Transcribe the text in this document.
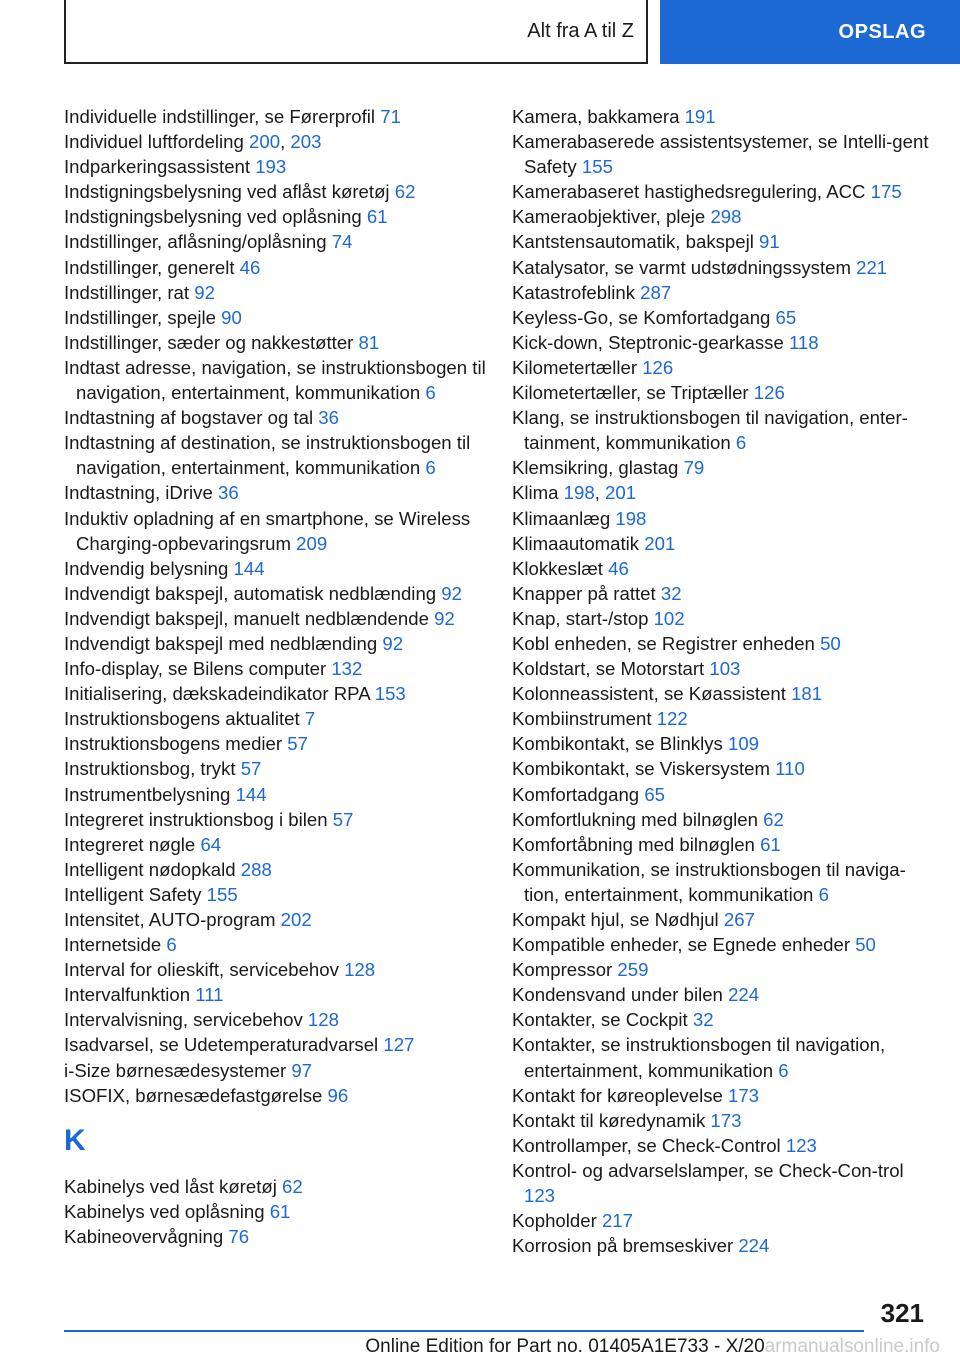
Alt fra A til Z	OPSLAG
Individuelle indstillinger, se Førerprofil 71
Individuel luftfordeling 200, 203
Indparkeringsassistent 193
Indstigningsbelysning ved aflåst køretøj 62
Indstigningsbelysning ved oplåsning 61
Indstillinger, aflåsning/oplåsning 74
Indstillinger, generelt 46
Indstillinger, rat 92
Indstillinger, spejle 90
Indstillinger, sæder og nakkestøtter 81
Indtast adresse, navigation, se instruktionsbogen til navigation, entertainment, kommunikation 6
Indtastning af bogstaver og tal 36
Indtastning af destination, se instruktionsbogen til navigation, entertainment, kommunikation 6
Indtastning, iDrive 36
Induktiv opladning af en smartphone, se Wireless Charging-opbevaringsrum 209
Indvendig belysning 144
Indvendigt bakspejl, automatisk nedblænding 92
Indvendigt bakspejl, manuelt nedblændende 92
Indvendigt bakspejl med nedblænding 92
Info-display, se Bilens computer 132
Initialisering, dækskadeindikator RPA 153
Instruktionsbogens aktualitet 7
Instruktionsbogens medier 57
Instruktionsbog, trykt 57
Instrumentbelysning 144
Integreret instruktionsbog i bilen 57
Integreret nøgle 64
Intelligent nødopkald 288
Intelligent Safety 155
Intensitet, AUTO-program 202
Internetside 6
Interval for olieskift, servicebehov 128
Intervalfunktion 111
Intervalvisning, servicebehov 128
Isadvarsel, se Udetemperaturadvarsel 127
i-Size børnesædesystemer 97
ISOFIX, børnesædefastgørelse 96
K
Kabinelys ved låst køretøj 62
Kabinelys ved oplåsning 61
Kabineovervågning 76
Kamera, bakkamera 191
Kamerabaserede assistentsystemer, se Intelli-gent Safety 155
Kamerabaseret hastighedsregulering, ACC 175
Kameraobjektiver, pleje 298
Kantstensautomatik, bakspejl 91
Katalysator, se varmt udstødningssystem 221
Katastrofeblink 287
Keyless-Go, se Komfortadgang 65
Kick-down, Steptronic-gearkasse 118
Kilometertæller 126
Kilometertæller, se Triptæller 126
Klang, se instruktionsbogen til navigation, enter-tainment, kommunikation 6
Klemsikring, glastag 79
Klima 198, 201
Klimaanlæg 198
Klimaautomatik 201
Klokkeslæt 46
Knapper på rattet 32
Knap, start-/stop 102
Kobl enheden, se Registrer enheden 50
Koldstart, se Motorstart 103
Kolonneassistent, se Køassistent 181
Kombiinstrument 122
Kombikontakt, se Blinklys 109
Kombikontakt, se Viskersystem 110
Komfortadgang 65
Komfortlukning med bilnøglen 62
Komfortåbning med bilnøglen 61
Kommunikation, se instruktionsbogen til naviga-tion, entertainment, kommunikation 6
Kompakt hjul, se Nødhjul 267
Kompatible enheder, se Egnede enheder 50
Kompressor 259
Kondensvand under bilen 224
Kontakter, se Cockpit 32
Kontakter, se instruktionsbogen til navigation, entertainment, kommunikation 6
Kontakt for køreoplevelse 173
Kontakt til køredynamik 173
Kontrollamper, se Check-Control 123
Kontrol- og advarselslamper, se Check-Con-trol 123
Kopholder 217
Korrosion på bremseskiver 224
321
Online Edition for Part no. 01405A1E733 - X/20 armanualsonline.info
